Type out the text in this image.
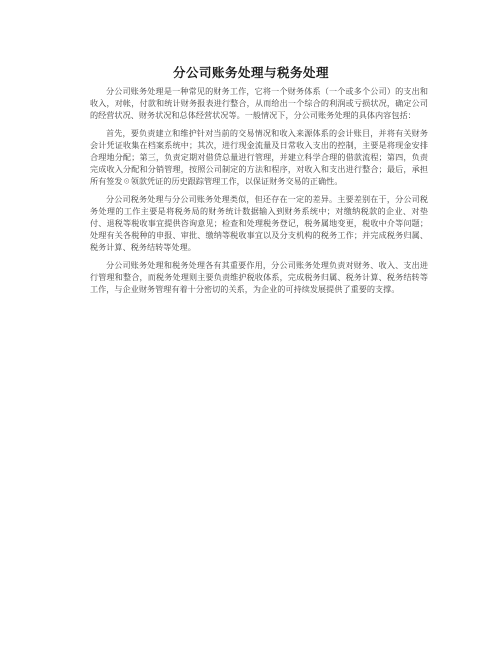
分公司账务处理与税务处理

分公司账务处理是一种常见的财务工作，它将一个财务体系（一个或多个公司）的支出和收入，对帐，付款和统计财务报表进行整合，从而给出一个综合的利润或亏损状况，确定公司的经营状况、财务状况和总体经营状况等。一般情况下，分公司账务处理的具体内容包括：

首先，要负责建立和维护针对当前的交易情况和收入来源体系的会计账目，并将有关财务会计凭证收集在档案系统中；其次，进行现金流量及日常收入支出的控制，主要是将现金安排合理地分配；第三，负责定期对借贷总量进行管理，并建立科学合理的借款流程；第四，负责完成收入分配和分销管理，按照公司制定的方法和程序，对收入和支出进行整合；最后，承担所有签发☉领款凭证的历史跟踪管理工作，以保证财务交易的正确性。

分公司税务处理与分公司账务处理类似，但还存在一定的差异。主要差别在于，分公司税务处理的工作主要是将税务局的财务统计数据输入到财务系统中；对缴纳税款的企业、对垫付、退税等税收事宜提供咨询意见；检查和处理税务登记，税务属地变更，税收中介等问题；处理有关各税种的申报、审批、缴纳等税收事宜以及分支机构的税务工作；并完成税务归属、税务计算、税务结转等处理。

分公司账务处理和税务处理各有其重要作用，分公司账务处理负责对财务、收入、支出进行管理和整合，而税务处理则主要负责维护税收体系，完成税务归属、税务计算、税务结转等工作，与企业财务管理有着十分密切的关系，为企业的可持续发展提供了重要的支撑。
